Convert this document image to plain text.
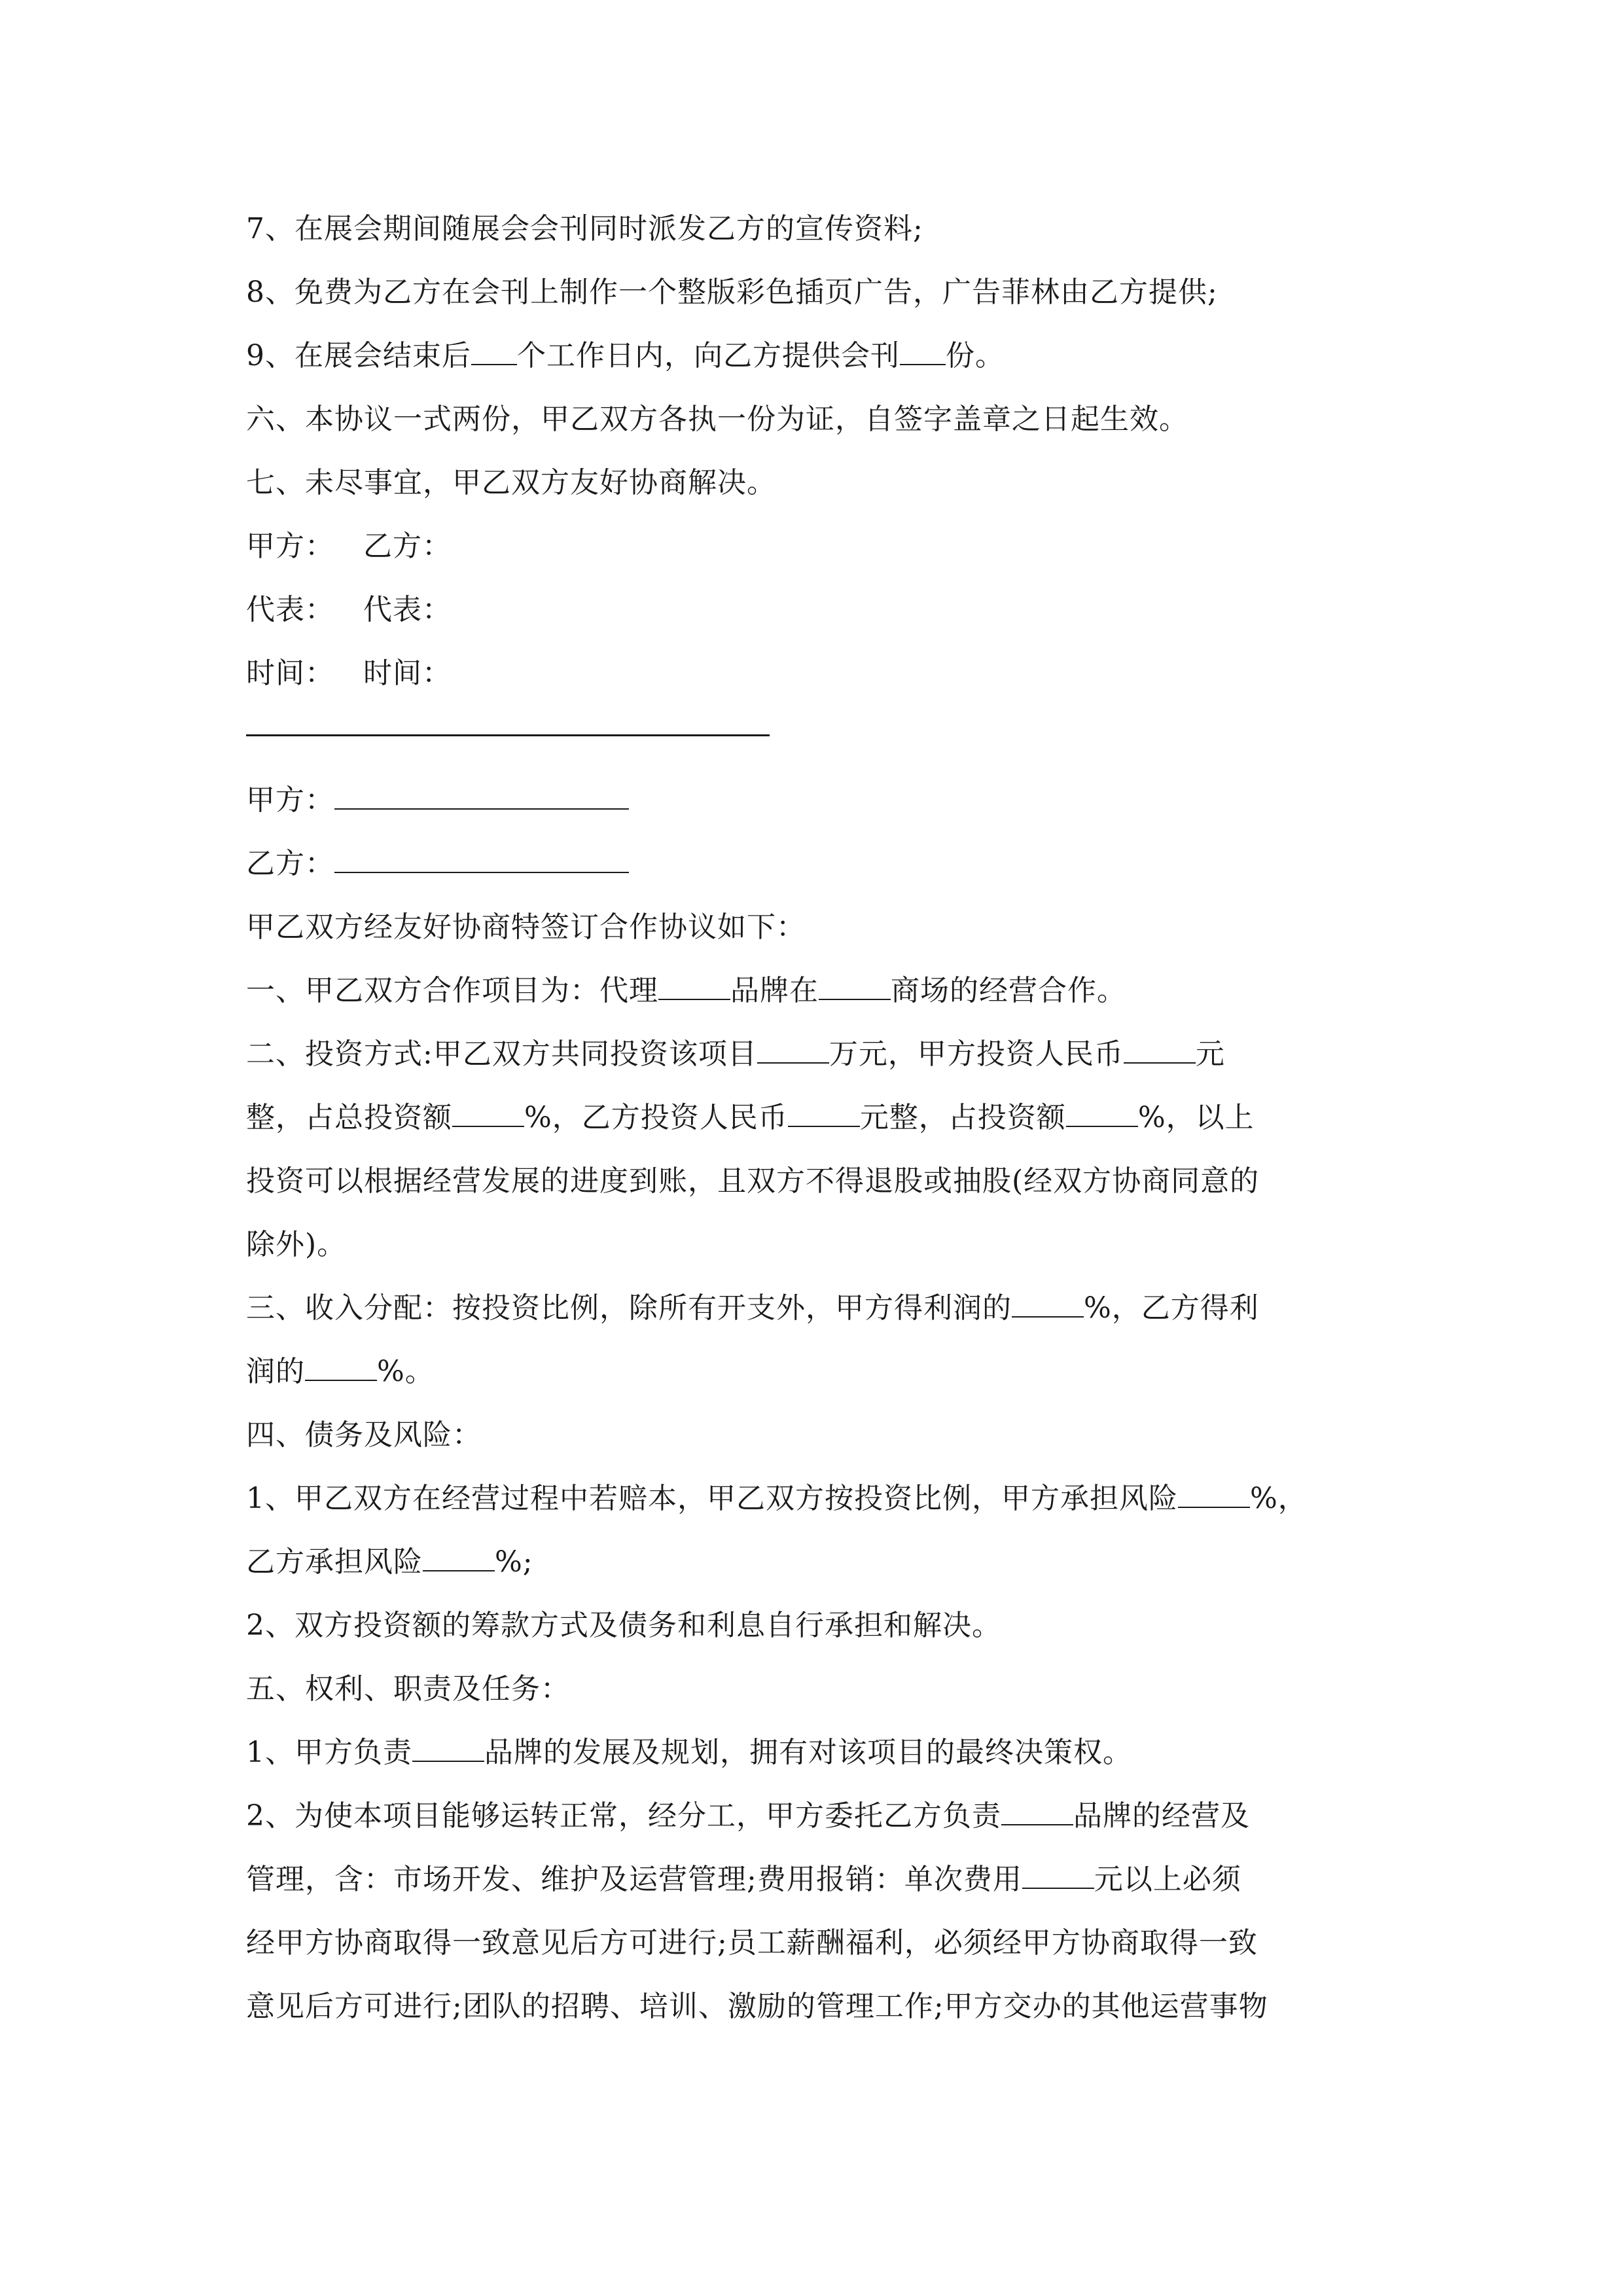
7、在展会期间随展会会刊同时派发乙方的宣传资料;
8、免费为乙方在会刊上制作一个整版彩色插页广告，广告菲林由乙方提供;
9、在展会结束后 个工作日内，向乙方提供会刊 份。
六、本协议一式两份，甲乙双方各执一份为证，自签字盖章之日起生效。
七、未尽事宜，甲乙双方友好协商解决。
甲方： 乙方：
代表： 代表：
时间： 时间：
甲方：
乙方：
甲乙双方经友好协商特签订合作协议如下：
一、甲乙双方合作项目为：代理	品牌在	商场的经营合作。
二、投资方式:甲乙双方共同投资该项目	万元，甲方投资人民币	元
整，占总投资额	%，乙方投资人民币	元整，占投资额	%，以上
投资可以根据经营发展的进度到账，且双方不得退股或抽股(经双方协商同意的
除外)。
三、收入分配：按投资比例，除所有开支外，甲方得利润的	%，乙方得利
润的	%。
四、债务及风险：
1、甲乙双方在经营过程中若赔本，甲乙双方按投资比例，甲方承担风险	%，
乙方承担风险	%;
2、双方投资额的筹款方式及债务和利息自行承担和解决。
五、权利、职责及任务：
1、甲方负责	品牌的发展及规划，拥有对该项目的最终决策权。
2、为使本项目能够运转正常，经分工，甲方委托乙方负责	品牌的经营及
管理，含：市场开发、维护及运营管理;费用报销：单次费用	元以上必须
经甲方协商取得一致意见后方可进行;员工薪酬福利，必须经甲方协商取得一致
意见后方可进行;团队的招聘、培训、激励的管理工作;甲方交办的其他运营事物
